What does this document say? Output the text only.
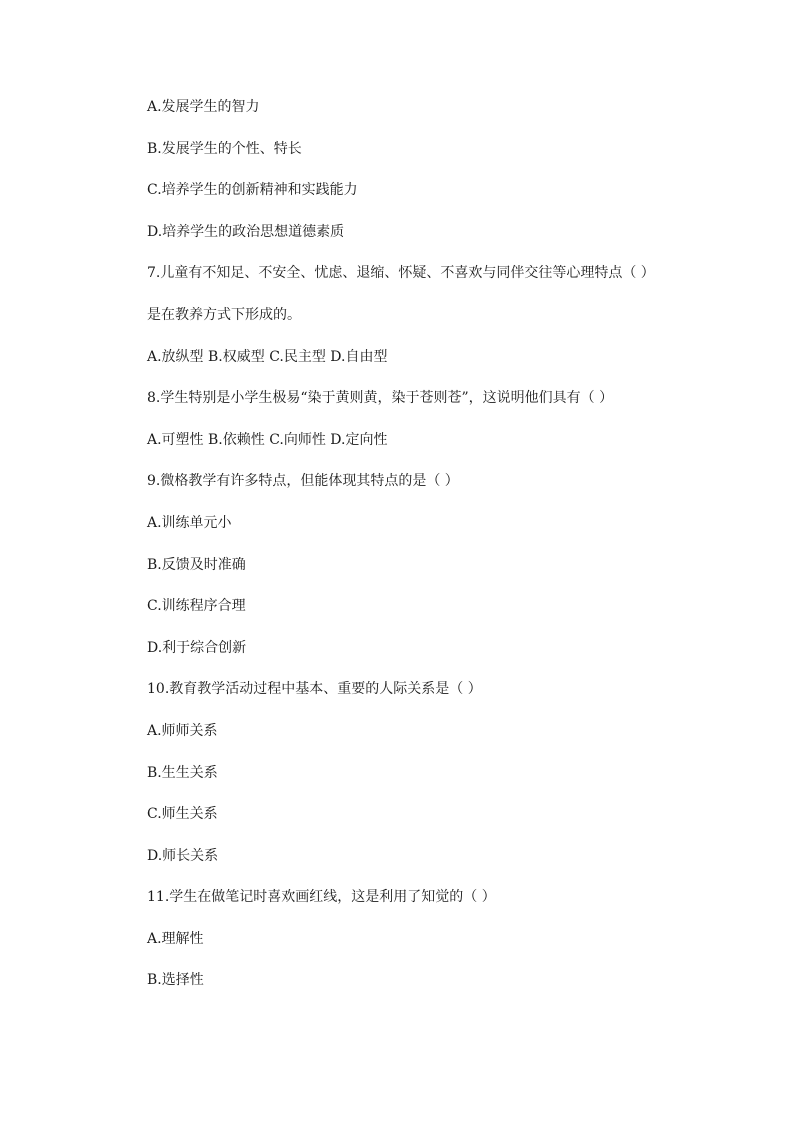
A.发展学生的智力
B.发展学生的个性、特长
C.培养学生的创新精神和实践能力
D.培养学生的政治思想道德素质
7.儿童有不知足、不安全、忧虑、退缩、怀疑、不喜欢与同伴交往等心理特点（ ）
是在教养方式下形成的。
A.放纵型 B.权威型 C.民主型 D.自由型
8.学生特别是小学生极易“染于黄则黄，染于苍则苍”，这说明他们具有（ ）
A.可塑性 B.依赖性 C.向师性 D.定向性
9.微格教学有许多特点，但能体现其特点的是（ ）
A.训练单元小
B.反馈及时准确
C.训练程序合理
D.利于综合创新
10.教育教学活动过程中基本、重要的人际关系是（ ）
A.师师关系
B.生生关系
C.师生关系
D.师长关系
11.学生在做笔记时喜欢画红线，这是利用了知觉的（ ）
A.理解性
B.选择性
